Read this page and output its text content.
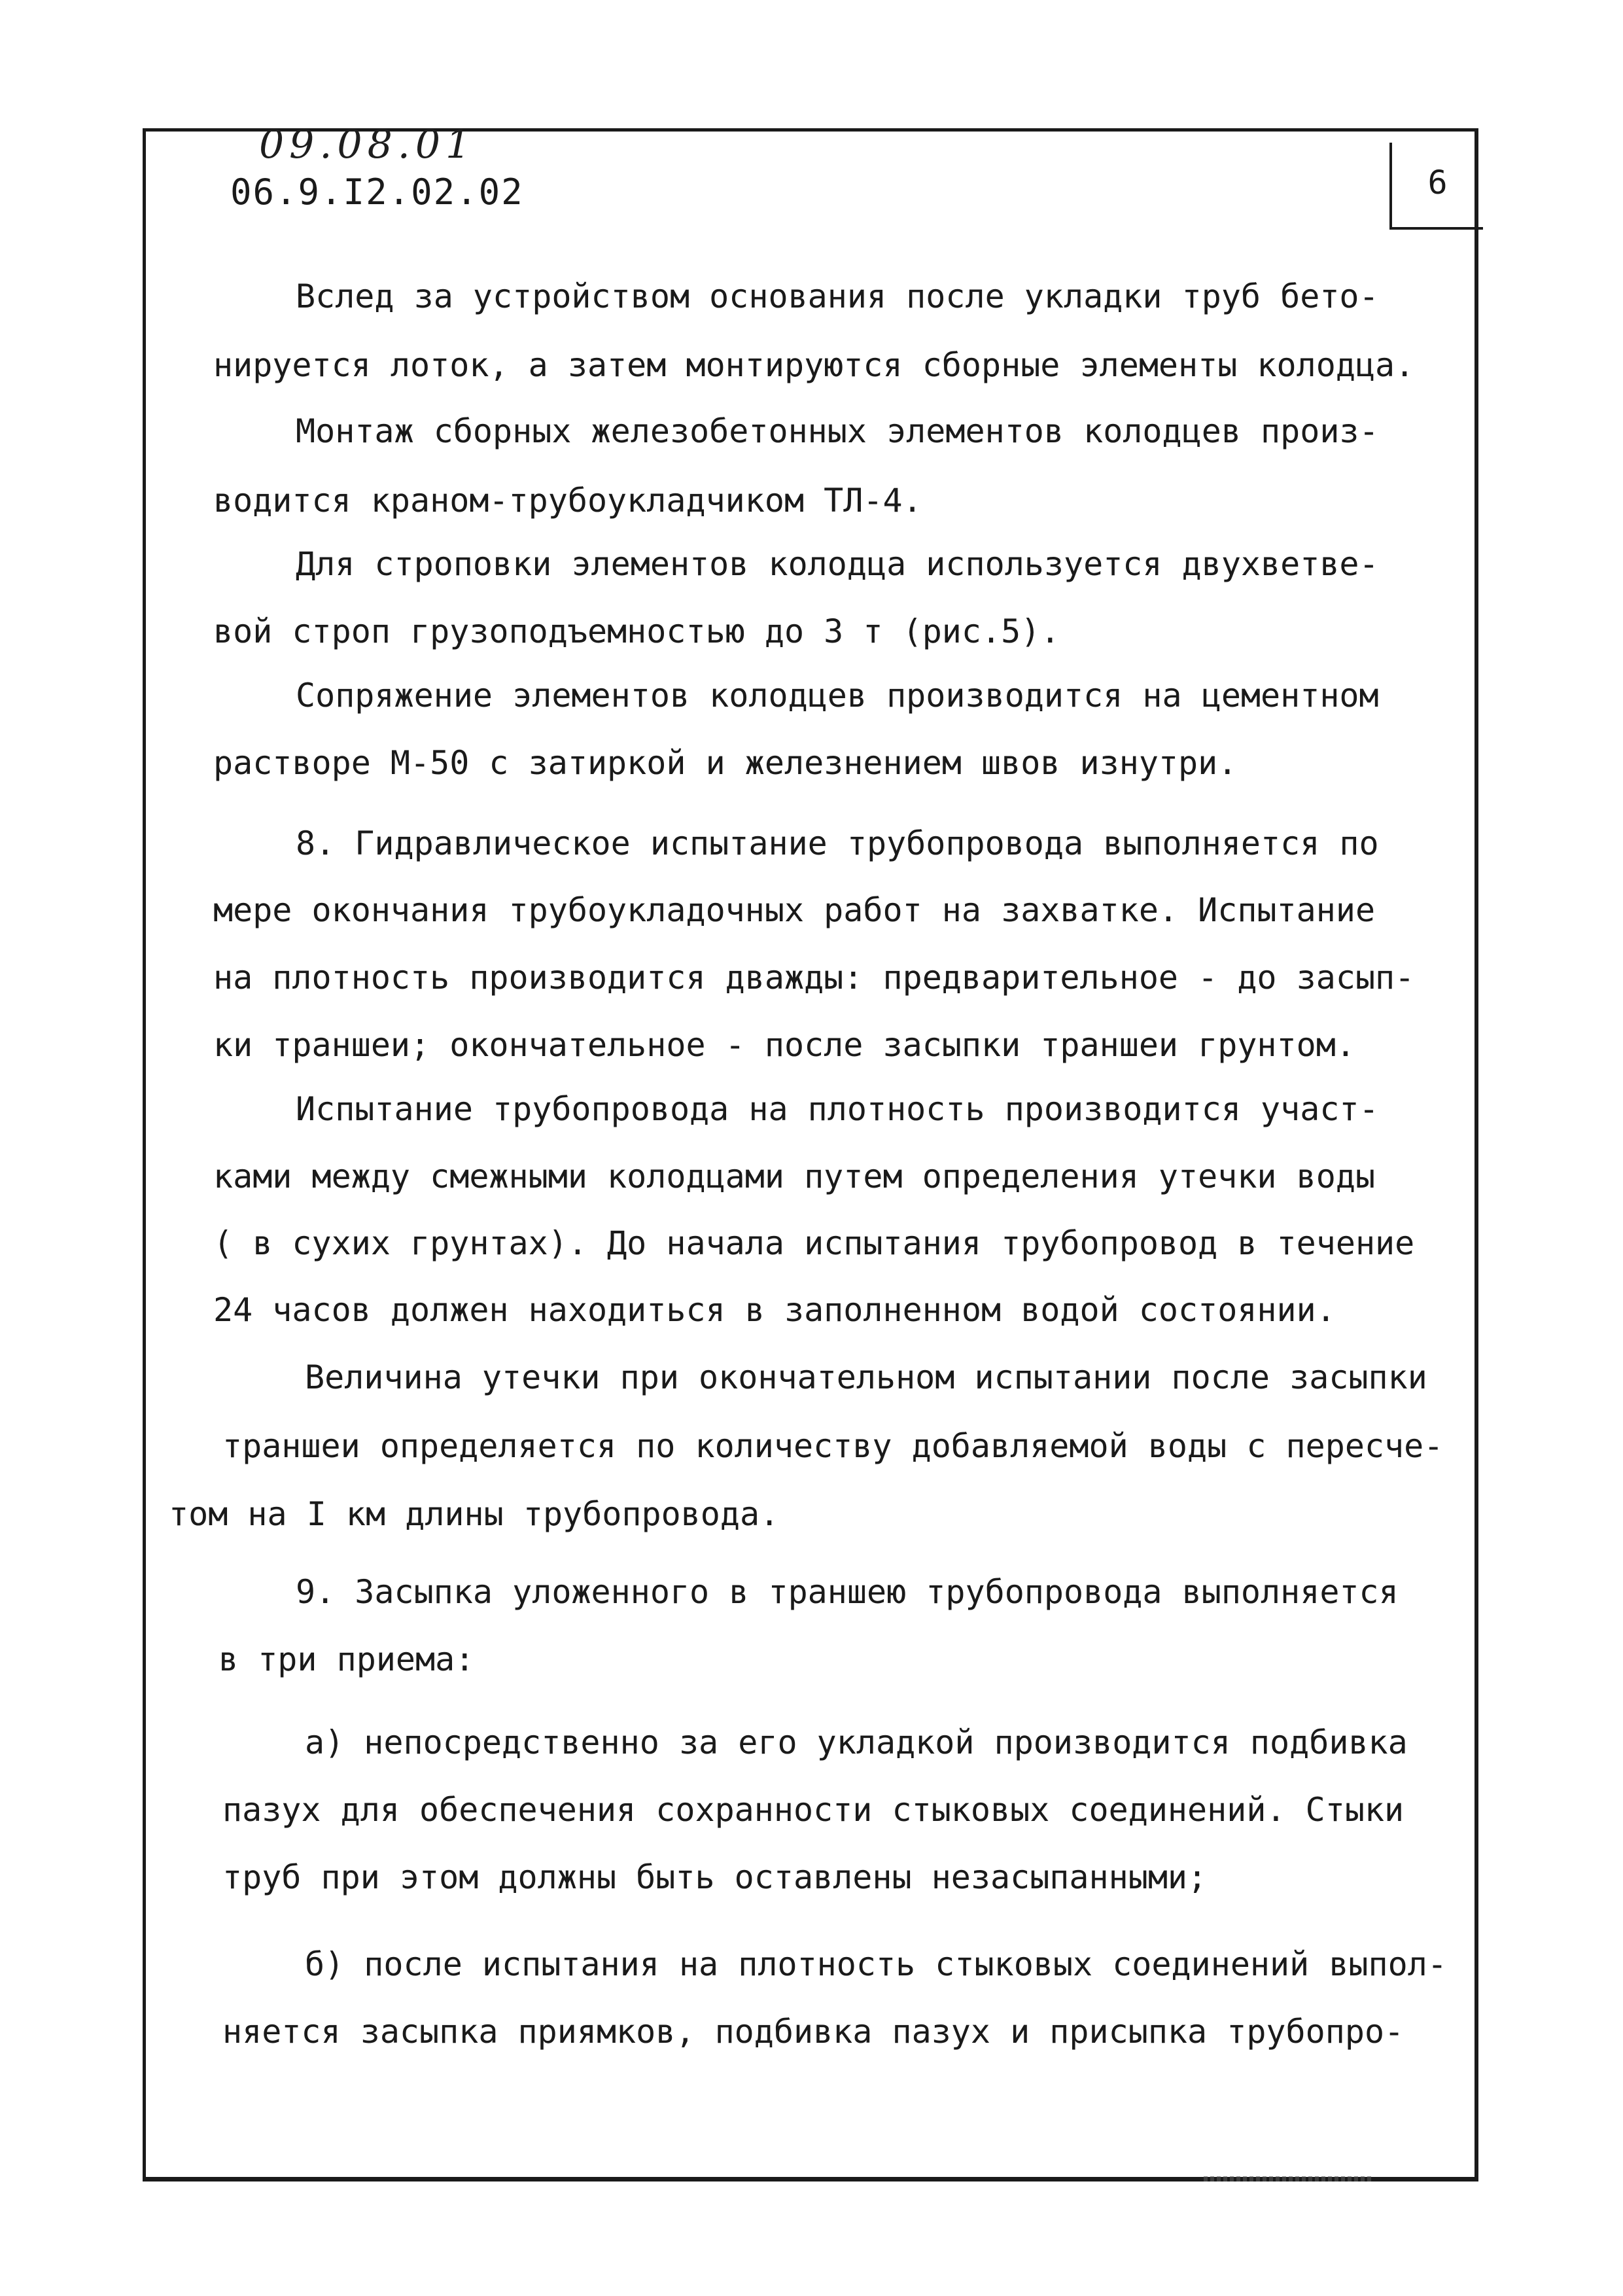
6
09.08.01
06.9.I2.02.02
Вслед за устройством основания после укладки труб бето-
нируется лоток, а затем монтируются сборные элементы колодца.
Монтаж сборных железобетонных элементов колодцев произ-
водится краном-трубоукладчиком ТЛ-4.
Для строповки элементов колодца используется двухветве-
вой строп грузоподъемностью до 3 т (рис.5).
Сопряжение элементов колодцев производится на цементном
растворе М-50 с затиркой и железнением швов изнутри.
8. Гидравлическое испытание трубопровода выполняется по
мере окончания трубоукладочных работ на захватке. Испытание
на плотность производится дважды: предварительное - до засып-
ки траншеи; окончательное - после засыпки траншеи грунтом.
Испытание трубопровода на плотность производится участ-
ками между смежными колодцами путем определения утечки воды
( в сухих грунтах). До начала испытания трубопровод в течение
24 часов должен находиться в заполненном водой состоянии.
Величина утечки при окончательном испытании после засыпки
траншеи определяется по количеству добавляемой воды с пересче-
том на I км длины трубопровода.
9. Засыпка уложенного в траншею трубопровода выполняется
в три приема:
а) непосредственно за его укладкой производится подбивка
пазух для обеспечения сохранности стыковых соединений. Стыки
труб при этом должны быть оставлены незасыпанными;
б) после испытания на плотность стыковых соединений выпол-
няется засыпка приямков, подбивка пазух и присыпка трубопро-
